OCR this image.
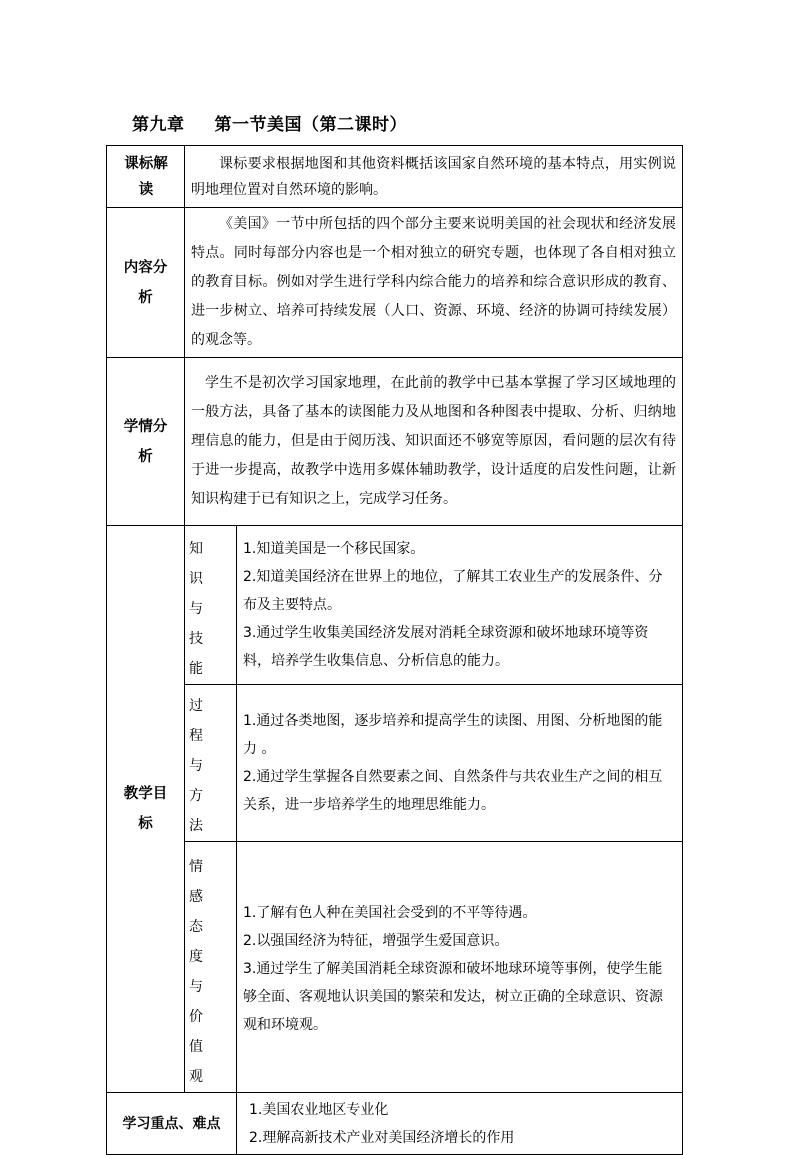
第九章 第一节美国（第二课时）
课标解读	课标要求根据地图和其他资料概括该国家自然环境的基本特点，用实例说明地理位置对自然环境的影响。	

内容分析	《美国》一节中所包括的四个部分主要来说明美国的社会现状和经济发展特点。同时每部分内容也是一个相对独立的研究专题，也体现了各自相对独立的教育目标。例如对学生进行学科内综合能力的培养和综合意识形成的教育、进一步树立、培养可持续发展（人口、资源、环境、经济的协调可持续发展）的观念等。	

学情分析	学生不是初次学习国家地理，在此前的教学中已基本掌握了学习区域地理的一般方法，具备了基本的读图能力及从地图和各种图表中提取、分析、归纳地理信息的能力，但是由于阅历浅、知识面还不够宽等原因，看问题的层次有待于进一步提高，故教学中选用多媒体辅助教学，设计适度的启发性问题，让新知识构建于已有知识之上，完成学习任务。	

教学目标	知识与技能	1.知道美国是一个移民国家。

2.知道美国经济在世界上的地位，了解其工农业生产的发展条件、分布及主要特点。

3.通过学生收集美国经济发展对消耗全球资源和破坏地球环境等资料，培养学生收集信息、分析信息的能力。

	过程与方法	1.通过各类地图，逐步培养和提高学生的读图、用图、分析地图的能力 。

2.通过学生掌握各自然要素之间、自然条件与共农业生产之间的相互关系，进一步培养学生的地理思维能力。

	情感态度与价值观	1.了解有色人种在美国社会受到的不平等待遇。

2.以强国经济为特征，增强学生爱国意识。

3.通过学生了解美国消耗全球资源和破坏地球环境等事例，使学生能够全面、客观地认识美国的繁荣和发达，树立正确的全球意识、资源观和环境观。

学习重点、难点		1.美国农业地区专业化

2.理解高新技术产业对美国经济增长的作用
